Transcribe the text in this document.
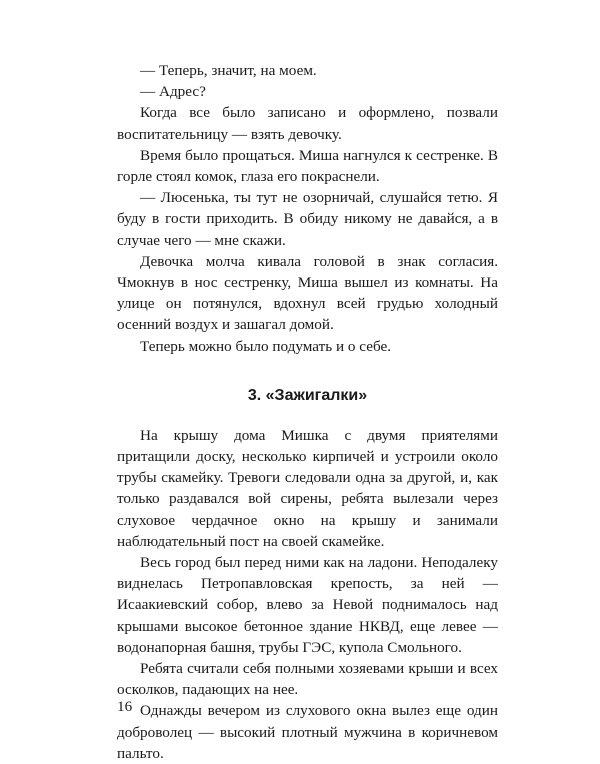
— Теперь, значит, на моем.

— Адрес?

Когда все было записано и оформлено, позвали воспитательницу — взять девочку.

Время было прощаться. Миша нагнулся к сестренке. В горле стоял комок, глаза его покраснели.

— Люсенька, ты тут не озорничай, слушайся тетю. Я буду в гости приходить. В обиду никому не давайся, а в случае чего — мне скажи.

Девочка молча кивала головой в знак согласия. Чмокнув в нос сестренку, Миша вышел из комнаты. На улице он потянулся, вдохнул всей грудью холодный осенний воздух и зашагал домой.

Теперь можно было подумать и о себе.

3. «Зажигалки»

На крышу дома Мишка с двумя приятелями притащили доску, несколько кирпичей и устроили около трубы скамейку. Тревоги следовали одна за другой, и, как только раздавался вой сирены, ребята вылезали через слуховое чердачное окно на крышу и занимали наблюдательный пост на своей скамейке.

Весь город был перед ними как на ладони. Неподалеку виднелась Петропавловская крепость, за ней — Исаакиевский собор, влево за Невой поднималось над крышами высокое бетонное здание НКВД, еще левее — водонапорная башня, трубы ГЭС, купола Смольного.

Ребята считали себя полными хозяевами крыши и всех осколков, падающих на нее.

Однажды вечером из слухового окна вылез еще один доброволец — высокий плотный мужчина в коричневом пальто.

16
